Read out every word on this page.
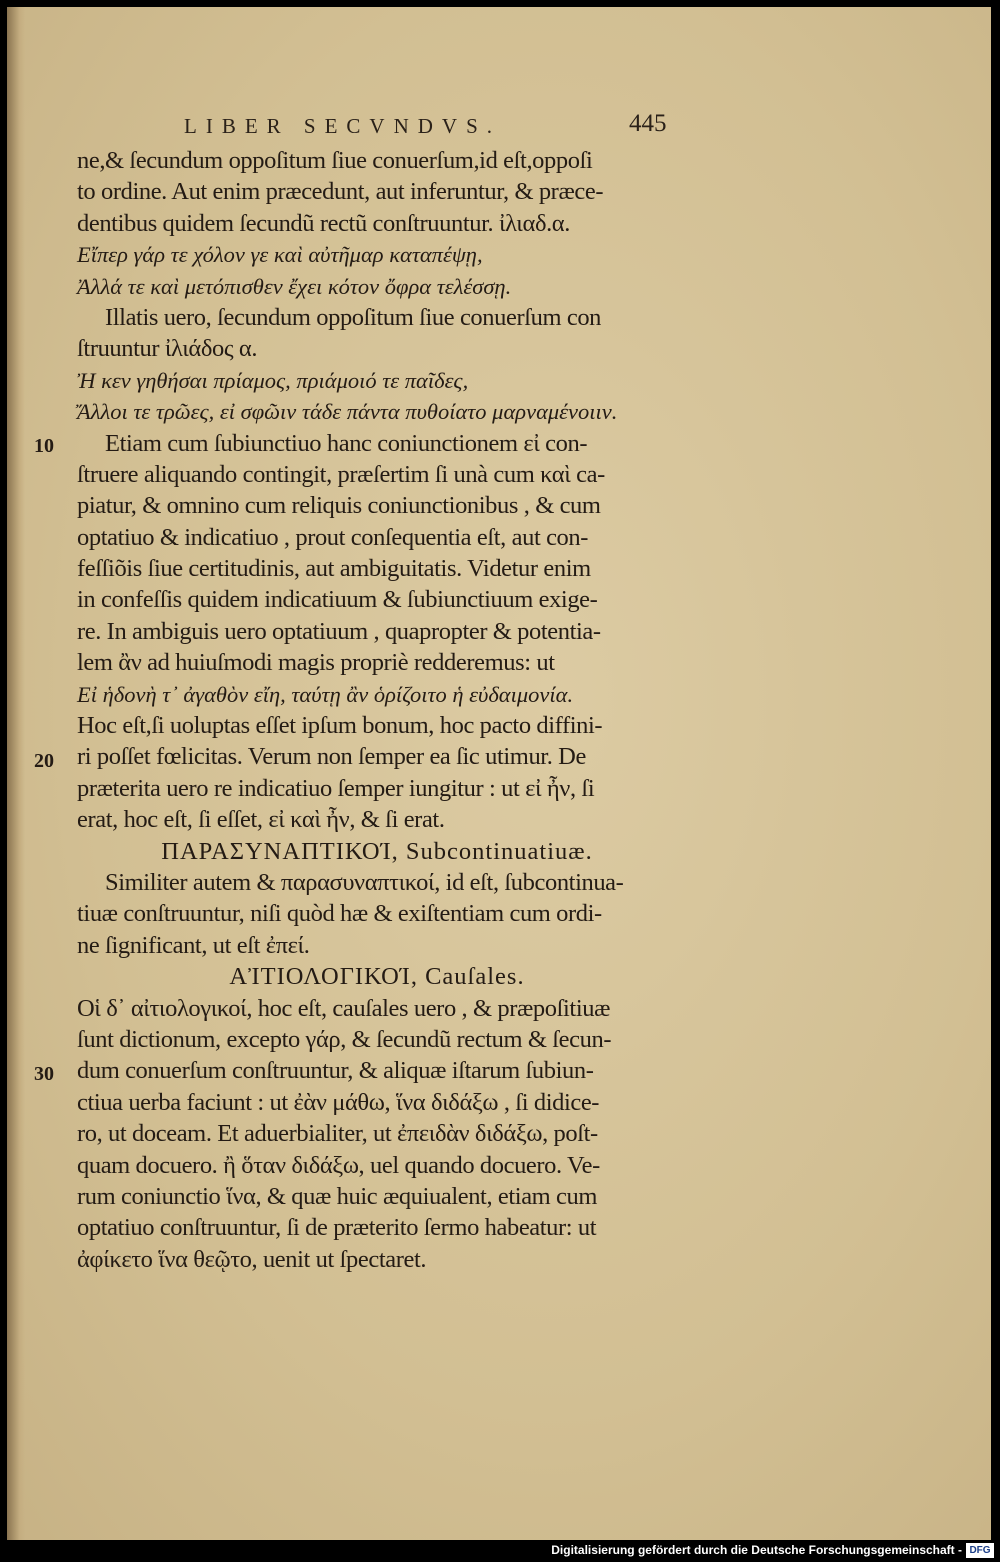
LIBER SECVNDVS.	445
10
20
30
ne,& ſecundum oppoſitum ſiue conuerſum,id eſt,oppoſi
to ordine. Aut enim præcedunt, aut inferuntur, & præce-
dentibus quidem ſecundũ rectũ conſtruuntur. ἰλιαδ.α.
Εἴπερ γάρ τε χόλον γε καὶ αὐτῆμαρ καταπέψῃ,
Ἀλλά τε καὶ μετόπισθεν ἔχει κότον ὄφρα τελέσσῃ.
Illatis uero, ſecundum oppoſitum ſiue conuerſum con
ſtruuntur ἰλιάδος α.
Ἠ κεν γηθήσαι πρίαμος, πριάμοιό τε παῖδες,
Ἄλλοι τε τρῶες, εἰ σφῶιν τάδε πάντα πυθοίατο μαρναμένοιιν.
Etiam cum ſubiunctiuo hanc coniunctionem εἰ con-
ſtruere aliquando contingit, præſertim ſi unà cum καὶ ca-
piatur, & omnino cum reliquis coniunctionibus , & cum
optatiuo & indicatiuo , prout conſequentia eſt, aut con-
feſſiõis ſiue certitudinis, aut ambiguitatis. Videtur enim
in confeſſis quidem indicatiuum & ſubiunctiuum exige-
re. In ambiguis uero optatiuum , quapropter & potentia-
lem ἂν ad huiuſmodi magis propriè redderemus: ut
Εἰ ἡδονὴ τ᾽ ἀγαθὸν εἴη, ταύτῃ ἂν ὁρίζοιτο ἡ εὐδαιμονία.
Hoc eſt,ſi uoluptas eſſet ipſum bonum, hoc pacto diffini-
ri poſſet fœlicitas. Verum non ſemper ea ſic utimur. De
præterita uero re indicatiuo ſemper iungitur : ut εἰ ἦν, ſi
erat, hoc eſt, ſi eſſet, εἰ καὶ ἦν, & ſi erat.
ΠΑΡΑΣΥΝΑΠΤΙΚΟΊ, Subcontinuatiuæ.
Similiter autem & παρασυναπτικοί, id eſt, ſubcontinua-
tiuæ conſtruuntur, niſi quòd hæ & exiſtentiam cum ordi-
ne ſignificant, ut eſt ἐπεί.
ΑἸΤΙΟΛΟΓΙΚΟΊ, Cauſales.
Οἱ δ᾽ αἰτιολογικοί, hoc eſt, cauſales uero , & præpoſitiuæ
ſunt dictionum, excepto γάρ, & ſecundũ rectum & ſecun-
dum conuerſum conſtruuntur, & aliquæ iſtarum ſubiun-
ctiua uerba faciunt : ut ἐὰν μάθω, ἵνα διδάξω , ſi didice-
ro, ut doceam. Et aduerbialiter, ut ἐπειδὰν διδάξω, poſt-
quam docuero. ἢ ὅταν διδάξω, uel quando docuero. Ve-
rum coniunctio ἵνα, & quæ huic æquiualent, etiam cum
optatiuo conſtruuntur, ſi de præterito ſermo habeatur: ut
ἀφίκετο ἵνα θεῷτο, uenit ut ſpectaret.
Digitalisierung gefördert durch die Deutsche Forschungsgemeinschaft - DFG
